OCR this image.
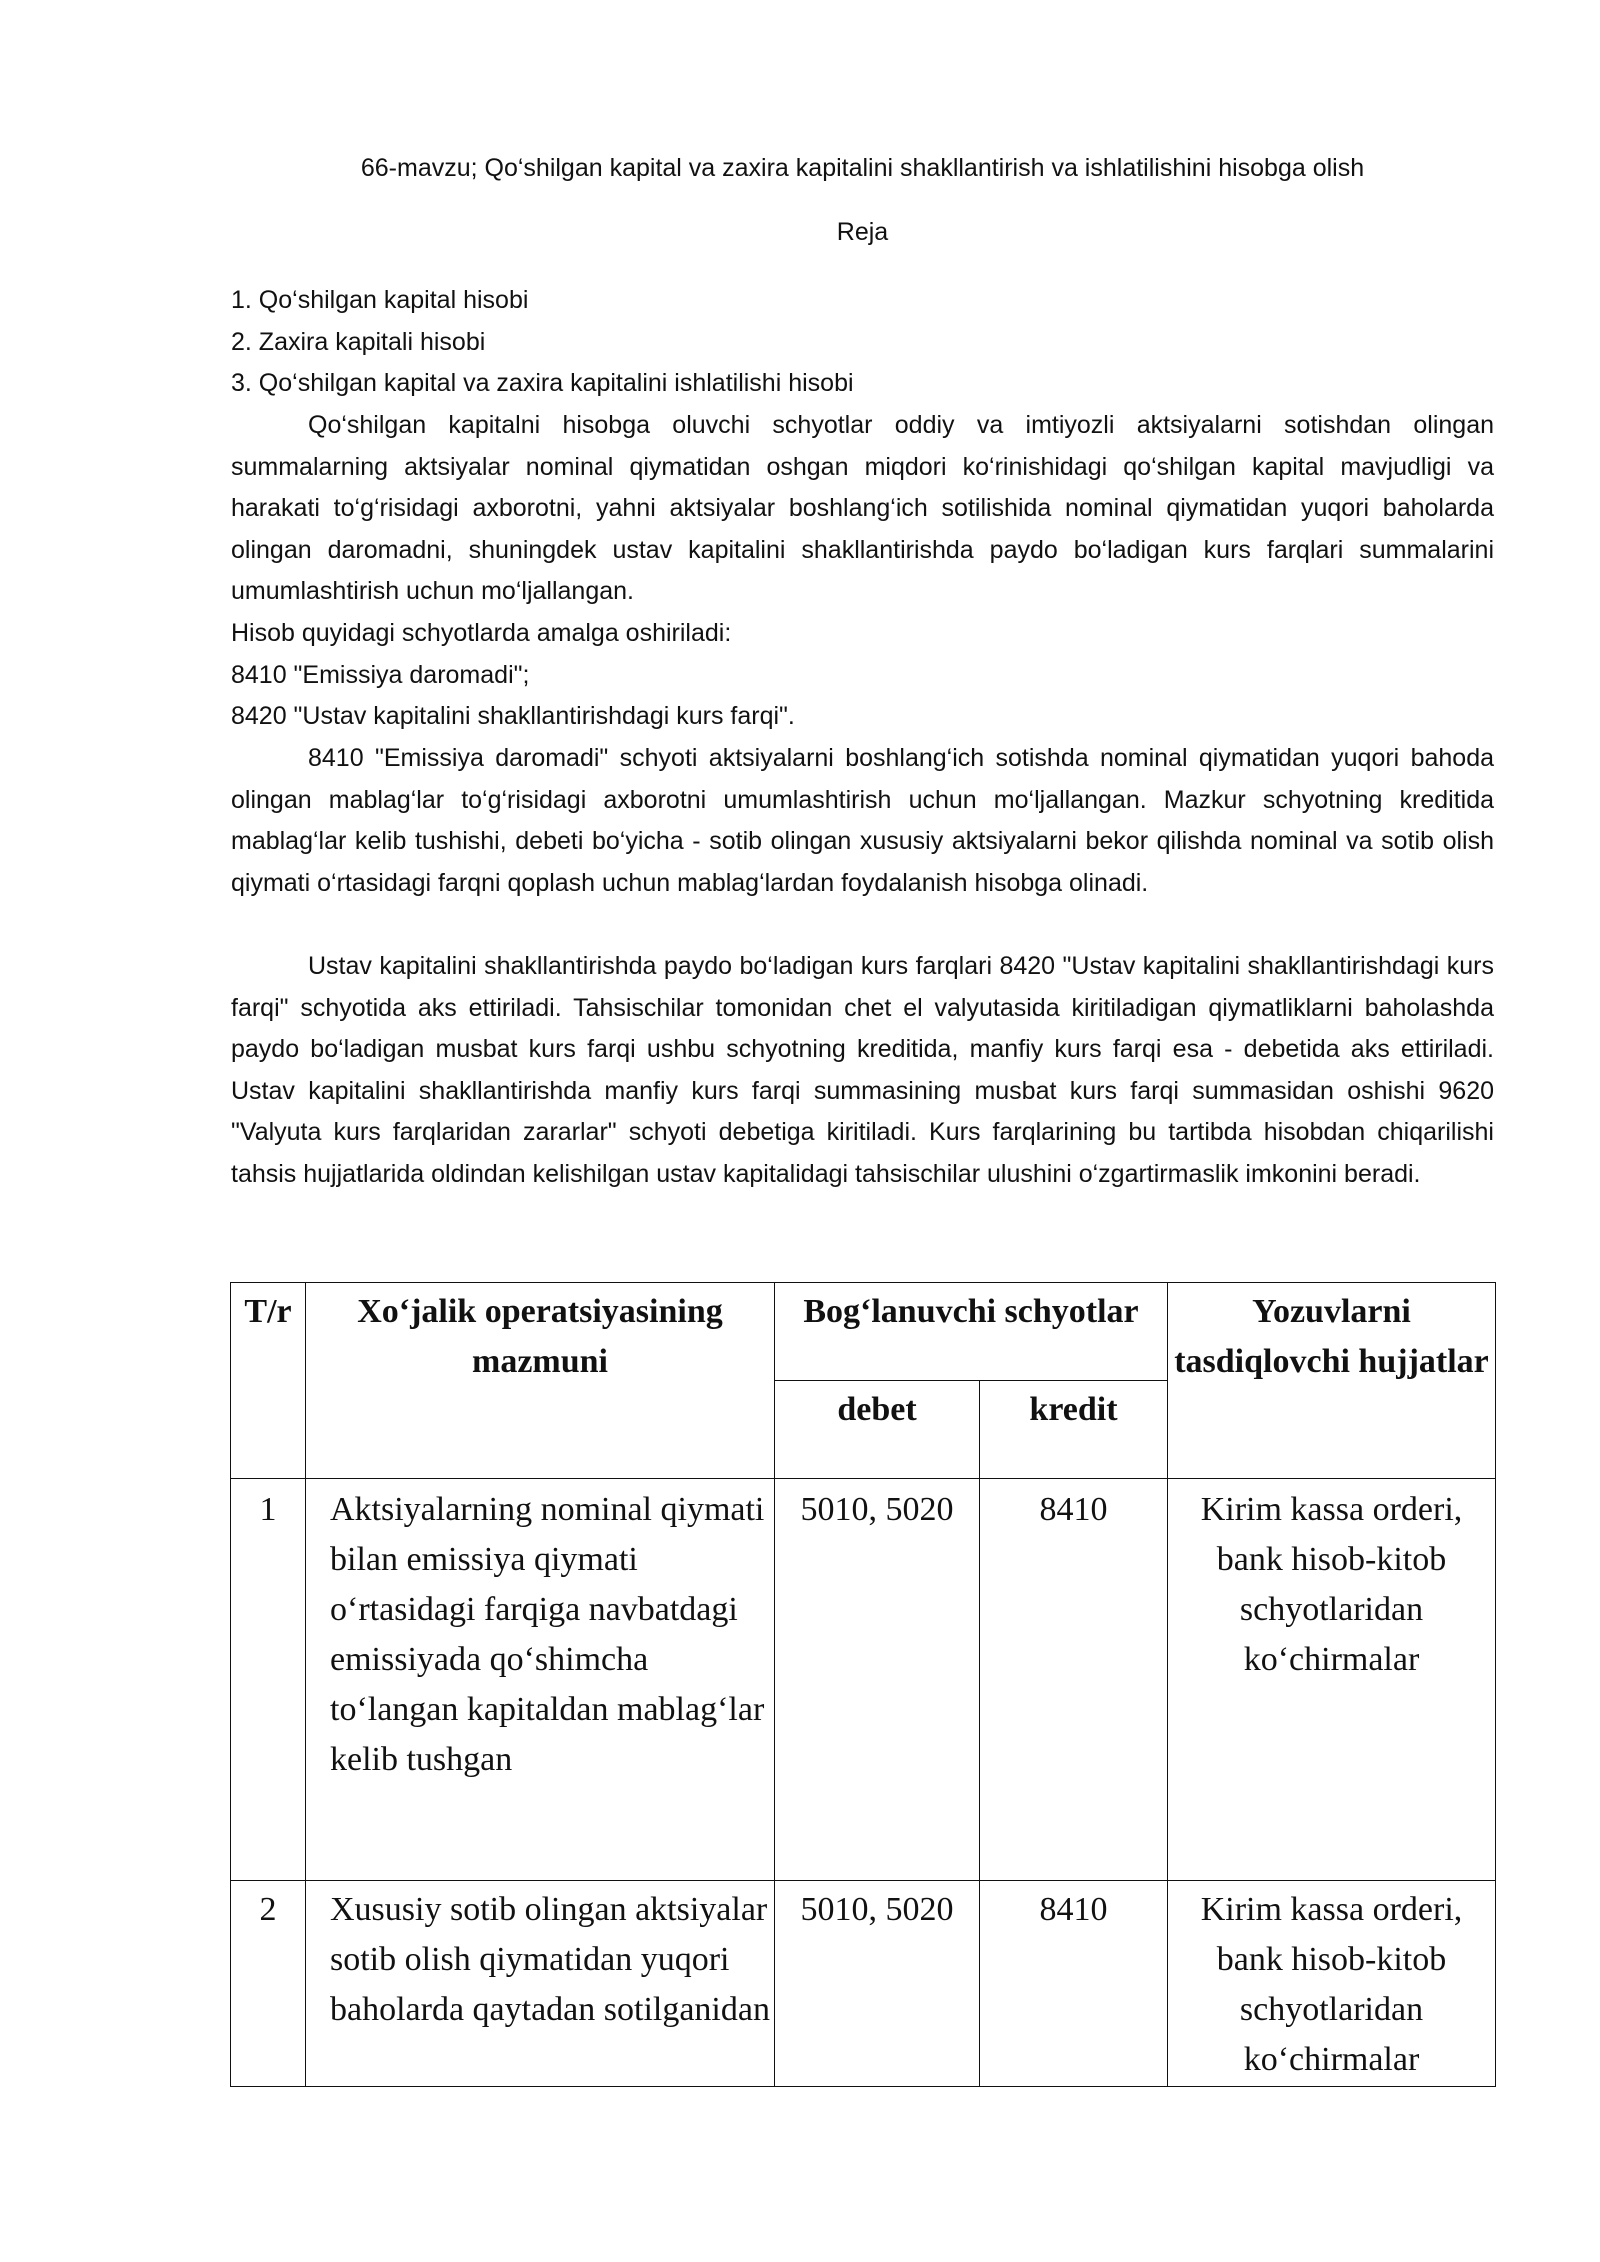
66-mavzu; Qo‘shilgan kapital va zaxira kapitalini shakllantirish va ishlatilishini hisobga olish
Reja
1. Qo‘shilgan kapital hisobi
2. Zaxira kapitali hisobi
3. Qo‘shilgan kapital va zaxira kapitalini ishlatilishi hisobi
Qo‘shilgan kapitalni hisobga oluvchi schyotlar oddiy va imtiyozli aktsiyalarni sotishdan olingan summalarning aktsiyalar nominal qiymatidan oshgan miqdori ko‘rinishidagi qo‘shilgan kapital mavjudligi va harakati to‘g‘risidagi axborotni, yahni aktsiyalar boshlang‘ich sotilishida nominal qiymatidan yuqori baholarda olingan daromadni, shuningdek ustav kapitalini shakllantirishda paydo bo‘ladigan kurs farqlari summalarini umumlashtirish uchun mo‘ljallangan.
Hisob quyidagi schyotlarda amalga oshiriladi:
8410 "Emissiya daromadi";
8420 "Ustav kapitalini shakllantirishdagi kurs farqi".
8410 "Emissiya daromadi" schyoti aktsiyalarni boshlang‘ich sotishda nominal qiymatidan yuqori bahoda olingan mablag‘lar to‘g‘risidagi axborotni umumlashtirish uchun mo‘ljallangan. Mazkur schyotning kreditida mablag‘lar kelib tushishi, debeti bo‘yicha - sotib olingan xususiy aktsiyalarni bekor qilishda nominal va sotib olish qiymati o‘rtasidagi farqni qoplash uchun mablag‘lardan foydalanish hisobga olinadi.
Ustav kapitalini shakllantirishda paydo bo‘ladigan kurs farqlari 8420 "Ustav kapitalini shakllantirishdagi kurs farqi" schyotida aks ettiriladi. Tahsischilar tomonidan chet el valyutasida kiritiladigan qiymatliklarni baholashda paydo bo‘ladigan musbat kurs farqi ushbu schyotning kreditida, manfiy kurs farqi esa - debetida aks ettiriladi. Ustav kapitalini shakllantirishda manfiy kurs farqi summasining musbat kurs farqi summasidan oshishi 9620 "Valyuta kurs farqlaridan zararlar" schyoti debetiga kiritiladi. Kurs farqlarining bu tartibda hisobdan chiqarilishi tahsis hujjatlarida oldindan kelishilgan ustav kapitalidagi tahsischilar ulushini o‘zgartirmaslik imkonini beradi.
T/r	Xo‘jalik operatsiyasining mazmuni	Bog‘lanuvchi schyotlar		Yozuvlarni tasdiqlovchi hujjatlar
		debet	kredit	
1	Aktsiyalarning nominal qiymati bilan emissiya qiymati o‘rtasidagi farqiga navbatdagi emissiyada qo‘shimcha to‘langan kapitaldan mablag‘lar kelib tushgan	5010, 5020	8410	Kirim kassa orderi, bank hisob-kitob schyotlaridan ko‘chirmalar
2	Xususiy sotib olingan aktsiyalar sotib olish qiymatidan yuqori baholarda qaytadan sotilganidan	5010, 5020	8410	Kirim kassa orderi, bank hisob-kitob schyotlaridan ko‘chirmalar
